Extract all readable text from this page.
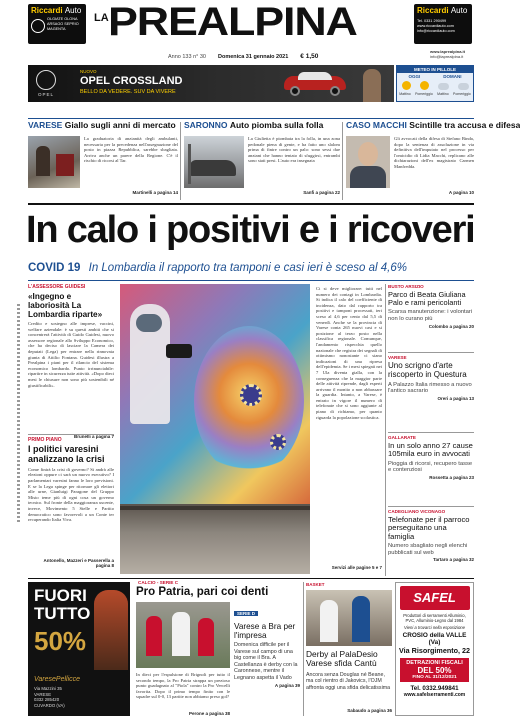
Riccardi Auto
OLGIATE OLONA
ARSAGO SEPRIO
MAGENTA
LA PREALPINA	Riccardi Auto
Tel. 0331 290499
www.riccardiauto.com
info@riccardiauto.com
Anno 133 n° 30 Domenica 31 gennaio 2021 € 1,50
www.laprealpina.it
info@laprealpina.it
OPEL
NUOVO
OPEL CROSSLAND
BELLO DA VEDERE. SUV DA VIVERE
METEO IN PILLOLE
OGGI	DOMANI
Mattino Pomeriggio Mattino Pomeriggio
VARESE Giallo sugli anni di mercato
La graduatoria di anzianità degli ambulanti, necessaria per la precedenza nell'assegnazione del posto in piazza Repubblica, sarebbe sbagliata. Arriva anche un parere della Regione. C'è il rischio di ricorsi al Tar.
Martinelli a pagina 14
SARONNO Auto piomba sulla folla
La Giulietta è piombata tra la folla, in una zona pedonale piena di gente, e ha fatto uno slalom prima di finire contro un palo: sono sessi due anziani che hanno tentato di sfuggirsi, entrambi sono stati presi. L'auto era insegnata
Sanfi a pagina 22
CASO MACCHI Scintille tra accusa e difesa
Gli avvocati della difesa di Stefano Binda, dopo la sentenza di assoluzione in via definitiva dell'imputato nel processo per l'omicidio di Lidia Macchi, replicano alle dichiarazioni dell'ex magistrato Carmen Manfredda.
A pagina 10
In calo i positivi e i ricoveri
COVID 19 In Lombardia il rapporto tra tamponi e casi ieri è sceso al 4,6%
L'ASSESSORE GUIDESI
«Ingegno e laboriosità La Lombardia riparte»
Credito e sostegno alle imprese, vaccini, welfare aziendale: è su questi ambiti che si concentrerà l'attività di Guido Guidesi, nuovo assessore regionale allo Sviluppo Economico, che ha deciso di lasciare la Camera dei deputati (Lega) per entrare nella rinnovata giunta di Attilio Fontana. Guidesi illustra a Prealpina i piani per il rilancio del sistema economico lombardo. Punto irrinunciabile: ripartire in sicurezza tutte attività. «Dopo dieci mesi le chiusure non sono più sostenibili né giustificabili».
Brunelli a pagina 7
PRIMO PIANO
I politici varesini analizzano la crisi
Come finirà la crisi di governo? Si andrà alle elezioni oppure ci sarà un nuovo esecutivo? I parlamentari varesini fanno le loro previsioni. E se la Lega spinge per ritornare gli elettori alle urne, Gianluigi Paragone del Gruppo Misto teme più di ogni cosa un governo tecnico. Sul fronte della maggioranza uscente, invece, Movimento 5 Stelle e Partito democratico sono favorevoli a un Conte ter recuperando Italia Viva.
Antonello, Mazzeri e Passerella a pagina 8
Ci si deve migliorare: tutti nel numero dei contagi in Lombardia. Si indica il calo del coefficiente di incidenza, dato dal rapporto tra positivi e tamponi processati, ieri sceso al 4,6 per cento dal 5,5 di venerdì. Anche se la provincia di Varese conta 265 nuovi casi e si posizione al terzo posto nella classifica regionale. Comunque, l'andamento rispecchia quello nazionale che registra dei segnali di ottimismo nonostante ci siano indicazioni di una ripresa dell'epidemia. Se i mesi spiegati nei 7 Ula diventa gialla, con la conseguenza che la maggior parte delle attività riprende, dagli esperti arrivano il monito a non abbassare la guardia. Intanto, a Varese, è entrato in vigore il numero di telefonate che si sono aggiunte al piano di richiamo, per quanto riguarda la popolazione scolastica.
Servizi alle pagine 5 e 7
BUSTO ARSIZIO
Parco di Beata Giuliana Palo e rami pericolanti
Scarsa manutenzione: i volontari non lo curano più
Colombo a pagina 20
VARESE
Uno scrigno d'arte riscoperto in Questura
A Palazzo Italia rimesso a nuovo l'antico sacrario
Oreri a pagina 13
GALLARATE
In un solo anno 27 cause 105mila euro in avvocati
Pioggia di ricorsi, recupero tasse e contenziosi
Rossetta a pagina 23
CADEGLIANO VICONAGO
Telefonate per il parroco perseguitano una famiglia
Numero sbagliato negli elenchi pubblicati sul web
Tartaro a pagina 32
FUORI
TUTTO
50%
VaresePellicce
Via Mazzini 35
VARESE
0332 285420
CUVARDO (VA)
CALCIO - SERIE C
Pro Patria, pari coi denti
In dieci per l'espulsione di Brignoli per tutto il secondo tempo, la Pro Patria strappa un prezioso punto guadagnato al "Piola" contro la Pro Vercelli favorita. Dopo il primo tempo finito con le squadre sul 0-0, 13 partite non abbiamo preso gol?
Perone a pagina 38
SERIE D
Varese a Bra per l'impresa
Domenica difficile per il Varese sul campo di una big come il Bra. A Castellanza è derby con la Caronnese, mentre il Legnano aspetta il Vado
A pagina 39
BASKET
Derby al PalaDesio Varese sfida Cantù
Ancora senza Douglas né Beane, ma col rientro di Jakovics, l'OJM affronta oggi una sfida delicatissima
Sabaudo a pagina 36
SAFEL
Produttori di serramenti Alluminio,
PVC, Alluminio-Legno dal 1984
Vieni a trovarci nella esposizione
CROSIO della VALLE (Va)
Via Risorgimento, 22
DETRAZIONI FISCALI
DEL 50%
FINO AL 31/12/2021
Tel. 0332.949841
www.safelserramenti.com
